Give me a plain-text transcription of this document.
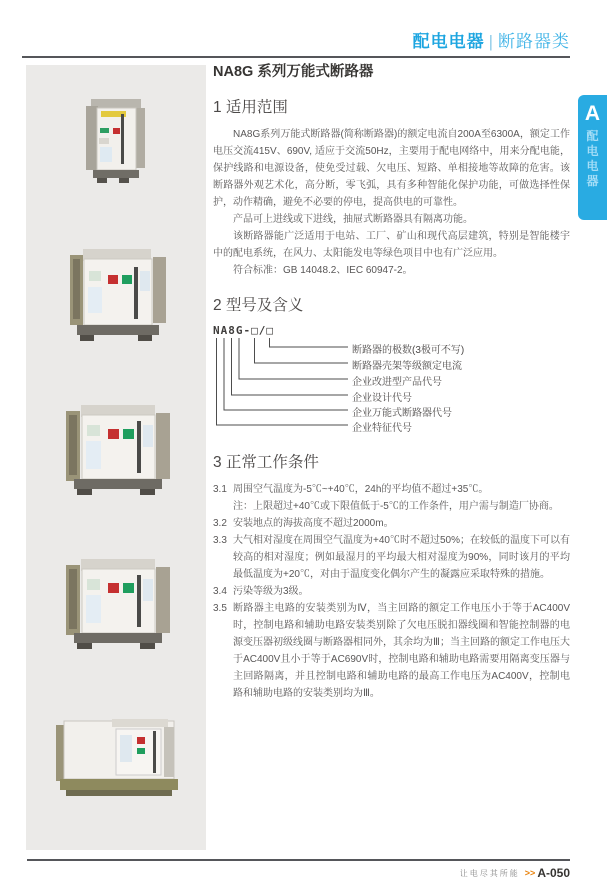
配电电器 | 断路器类
A
配电电器
NA8G 系列万能式断路器
1 适用范围

NA8G系列万能式断路器(简称断路器)的额定电流自200A至6300A，额定工作电压交流415V、690V, 适应于交流50Hz，主要用于配电网络中，用来分配电能，保护线路和电源设备，使免受过载、欠电压、短路、单相接地等故障的危害。该断路器外观艺术化，高分断，零飞弧，具有多种智能化保护功能，可做选择性保护，动作精确，避免不必要的停电，提高供电的可靠性。

产品可上进线或下进线，抽屉式断路器具有隔离功能。

该断路器能广泛适用于电站、工厂、矿山和现代高层建筑，特别是智能楼宇中的配电系统，在风力、太阳能发电等绿色项目中也有广泛应用。

符合标准：GB 14048.2、IEC 60947-2。

2 型号及含义
NA8G-□/□
断路器的极数(3极可不写)
断路器壳架等级额定电流
企业改进型产品代号
企业设计代号
企业万能式断路器代号
企业特征代号
3 正常工作条件
3.1 周围空气温度为-5℃~+40℃，24h的平均值不超过+35℃。
注：上限超过+40℃或下限值低于-5℃的工作条件，用户需与制造厂协商。
3.2 安装地点的海拔高度不超过2000m。
3.3 大气相对湿度在周围空气温度为+40℃时不超过50%；在较低的温度下可以有较高的相对湿度；例如最湿月的平均最大相对湿度为90%，同时该月的平均最低温度为+20℃，对由于温度变化偶尔产生的凝露应采取特殊的措施。
3.4 污染等级为3级。
3.5 断路器主电路的安装类别为Ⅳ，当主回路的额定工作电压小于等于AC400V时，控制电路和辅助电路安装类别除了欠电压脱扣器线圈和智能控制器的电源变压器初级线圈与断路器相同外，其余均为Ⅲ；当主回路的额定工作电压大于AC400V且小于等于AC690V时，控制电路和辅助电路需要用隔离变压器与主回路隔离，并且控制电路和辅助电路的最高工作电压为AC400V，控制电路和辅助电路的安装类别均为Ⅲ。
让电尽其所能 >> A-050
